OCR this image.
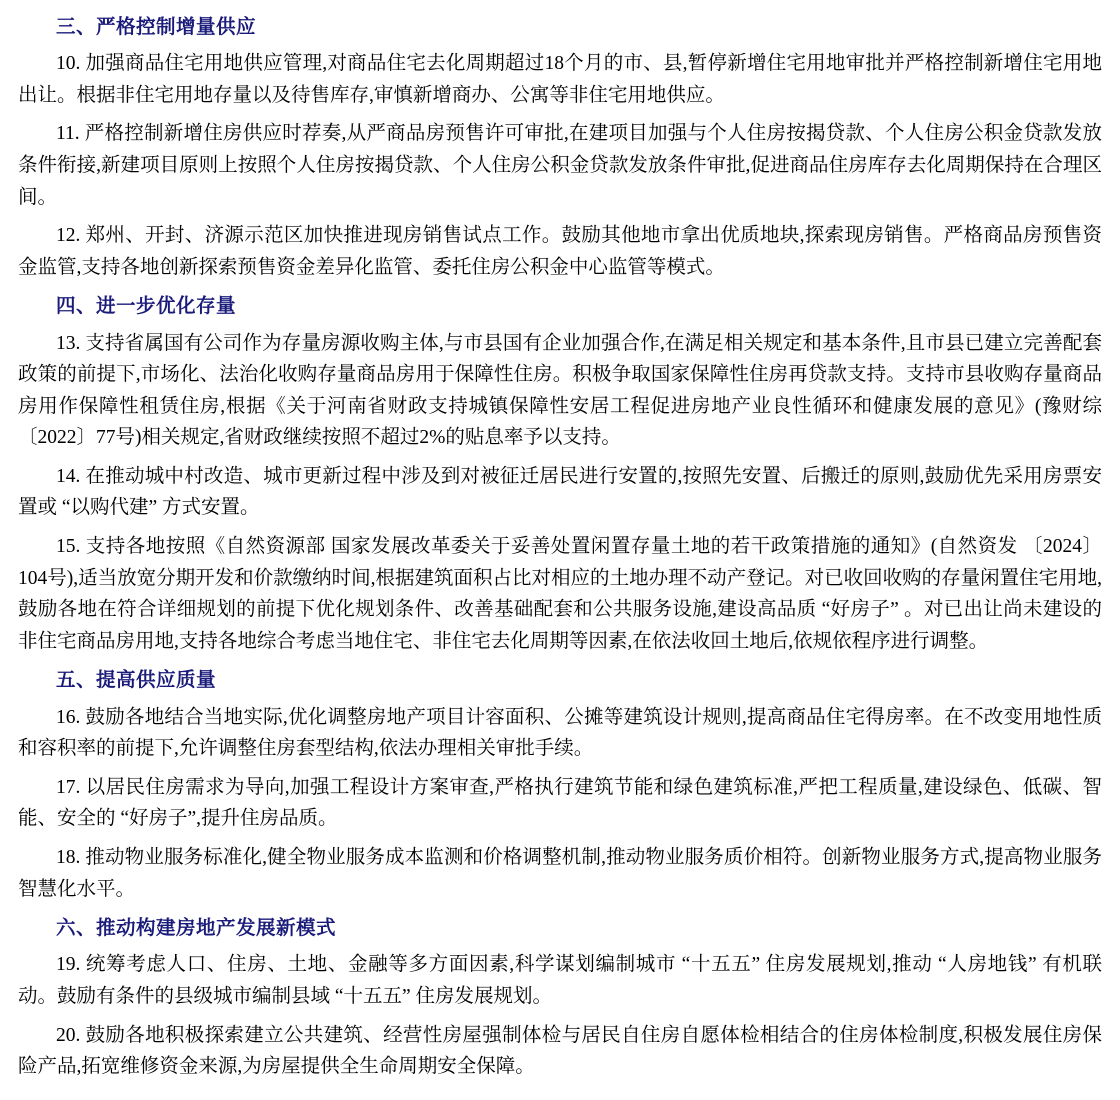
三、严格控制增量供应

10. 加强商品住宅用地供应管理,对商品住宅去化周期超过18个月的市、县,暂停新增住宅用地审批并严格控制新增住宅用地出让。根据非住宅用地存量以及待售库存,审慎新增商办、公寓等非住宅用地供应。

11. 严格控制新增住房供应时荐奏,从严商品房预售许可审批,在建项目加强与个人住房按揭贷款、个人住房公积金贷款发放条件衔接,新建项目原则上按照个人住房按揭贷款、个人住房公积金贷款发放条件审批,促进商品住房库存去化周期保持在合理区间。

12. 郑州、开封、济源示范区加快推进现房销售试点工作。鼓励其他地市拿出优质地块,探索现房销售。严格商品房预售资金监管,支持各地创新探索预售资金差异化监管、委托住房公积金中心监管等模式。

四、进一步优化存量

13. 支持省属国有公司作为存量房源收购主体,与市县国有企业加强合作,在满足相关规定和基本条件,且市县已建立完善配套政策的前提下,市场化、法治化收购存量商品房用于保障性住房。积极争取国家保障性住房再贷款支持。支持市县收购存量商品房用作保障性租赁住房,根据《关于河南省财政支持城镇保障性安居工程促进房地产业良性循环和健康发展的意见》(豫财综 〔2022〕77号)相关规定,省财政继续按照不超过2%的贴息率予以支持。

14. 在推动城中村改造、城市更新过程中涉及到对被征迁居民进行安置的,按照先安置、后搬迁的原则,鼓励优先采用房票安置或 “以购代建” 方式安置。

15. 支持各地按照《自然资源部 国家发展改革委关于妥善处置闲置存量土地的若干政策措施的通知》(自然资发 〔2024〕104号),适当放宽分期开发和价款缴纳时间,根据建筑面积占比对相应的土地办理不动产登记。对已收回收购的存量闲置住宅用地,鼓励各地在符合详细规划的前提下优化规划条件、改善基础配套和公共服务设施,建设高品质 “好房子” 。对已出让尚未建设的非住宅商品房用地,支持各地综合考虑当地住宅、非住宅去化周期等因素,在依法收回土地后,依规依程序进行调整。

五、提高供应质量

16. 鼓励各地结合当地实际,优化调整房地产项目计容面积、公摊等建筑设计规则,提高商品住宅得房率。在不改变用地性质和容积率的前提下,允许调整住房套型结构,依法办理相关审批手续。

17. 以居民住房需求为导向,加强工程设计方案审查,严格执行建筑节能和绿色建筑标准,严把工程质量,建设绿色、低碳、智能、安全的 “好房子”,提升住房品质。

18. 推动物业服务标准化,健全物业服务成本监测和价格调整机制,推动物业服务质价相符。创新物业服务方式,提高物业服务智慧化水平。

六、推动构建房地产发展新模式

19. 统筹考虑人口、住房、土地、金融等多方面因素,科学谋划编制城市 “十五五” 住房发展规划,推动 “人房地钱” 有机联动。鼓励有条件的县级城市编制县域 “十五五” 住房发展规划。

20. 鼓励各地积极探索建立公共建筑、经营性房屋强制体检与居民自住房自愿体检相结合的住房体检制度,积极发展住房保险产品,拓宽维修资金来源,为房屋提供全生命周期安全保障。
